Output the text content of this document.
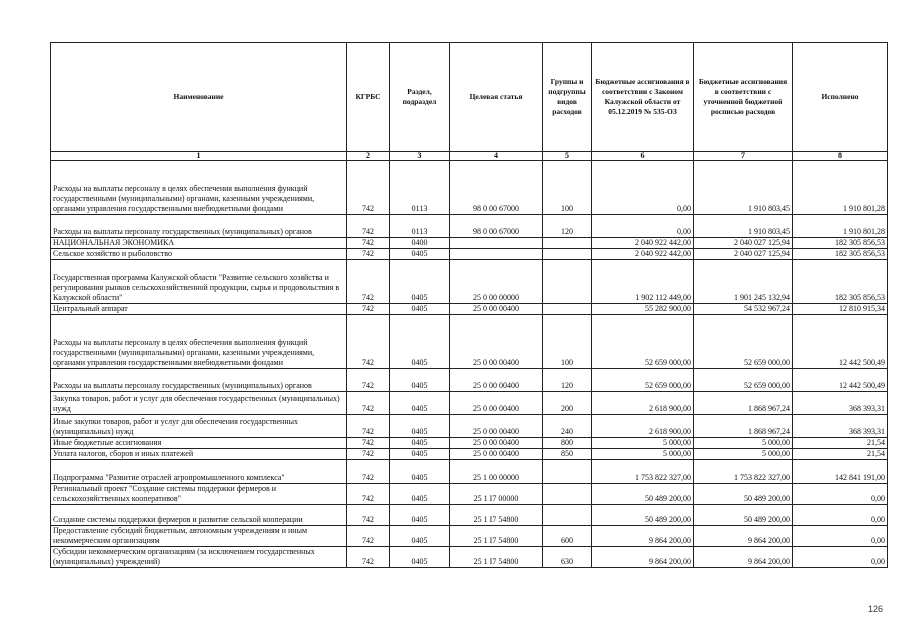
Наименование	КГРБС	Раздел, подраздел	Целевая статья	Группы и подгруппы видов расходов	Бюджетные ассигнования в соответствии с Законом Калужской области от 05.12.2019 № 535-ОЗ	Бюджетные ассигнования в соответствии с уточненной бюджетной росписью расходов	Исполнено
1	2	3	4	5	6	7	8
Расходы на выплаты персоналу в целях обеспечения выполнения функций государственными (муниципальными) органами, казенными учреждениями, органами управления государственными внебюджетными фондами	742	0113	98 0 00 67000	100	0,00	1 910 803,45	1 910 801,28
Расходы на выплаты персоналу государственных (муниципальных) органов	742	0113	98 0 00 67000	120	0,00	1 910 803,45	1 910 801,28
НАЦИОНАЛЬНАЯ ЭКОНОМИКА	742	0400			2 040 922 442,00	2 040 027 125,94	182 305 856,53
Сельское хозяйство и рыболовство	742	0405			2 040 922 442,00	2 040 027 125,94	182 305 856,53
Государственная программа Калужской области "Развитие сельского хозяйства и регулирования рынков сельскохозяйственной продукции, сырья и продовольствия в Калужской области"	742	0405	25 0 00 00000		1 902 112 449,00	1 901 245 132,94	182 305 856,53
Центральный аппарат	742	0405	25 0 00 00400		55 282 900,00	54 532 967,24	12 810 915,34
Расходы на выплаты персоналу в целях обеспечения выполнения функций государственными (муниципальными) органами, казенными учреждениями, органами управления государственными внебюджетными фондами	742	0405	25 0 00 00400	100	52 659 000,00	52 659 000,00	12 442 500,49
Расходы на выплаты персоналу государственных (муниципальных) органов	742	0405	25 0 00 00400	120	52 659 000,00	52 659 000,00	12 442 500,49
Закупка товаров, работ и услуг для обеспечения государственных (муниципальных) нужд	742	0405	25 0 00 00400	200	2 618 900,00	1 868 967,24	368 393,31
Иные закупки товаров, работ и услуг для обеспечения государственных (муниципальных) нужд	742	0405	25 0 00 00400	240	2 618 900,00	1 868 967,24	368 393,31
Иные бюджетные ассигнования	742	0405	25 0 00 00400	800	5 000,00	5 000,00	21,54
Уплата налогов, сборов и иных платежей	742	0405	25 0 00 00400	850	5 000,00	5 000,00	21,54
Подпрограмма "Развитие отраслей агропромышленного комплекса"	742	0405	25 1 00 00000		1 753 822 327,00	1 753 822 327,00	142 841 191,00
Региональный проект "Создание системы поддержки фермеров и сельскохозяйственных кооперативов"	742	0405	25 1 I7 00000		50 489 200,00	50 489 200,00	0,00
Создание системы поддержки фермеров и развитие сельской кооперации	742	0405	25 1 I7 54800		50 489 200,00	50 489 200,00	0,00
Предоставление субсидий бюджетным, автономным учреждениям и иным некоммерческим организациям	742	0405	25 1 I7 54800	600	9 864 200,00	9 864 200,00	0,00
Субсидии некоммерческим организациям (за исключением государственных (муниципальных) учреждений)	742	0405	25 1 I7 54800	630	9 864 200,00	9 864 200,00	0,00
126
